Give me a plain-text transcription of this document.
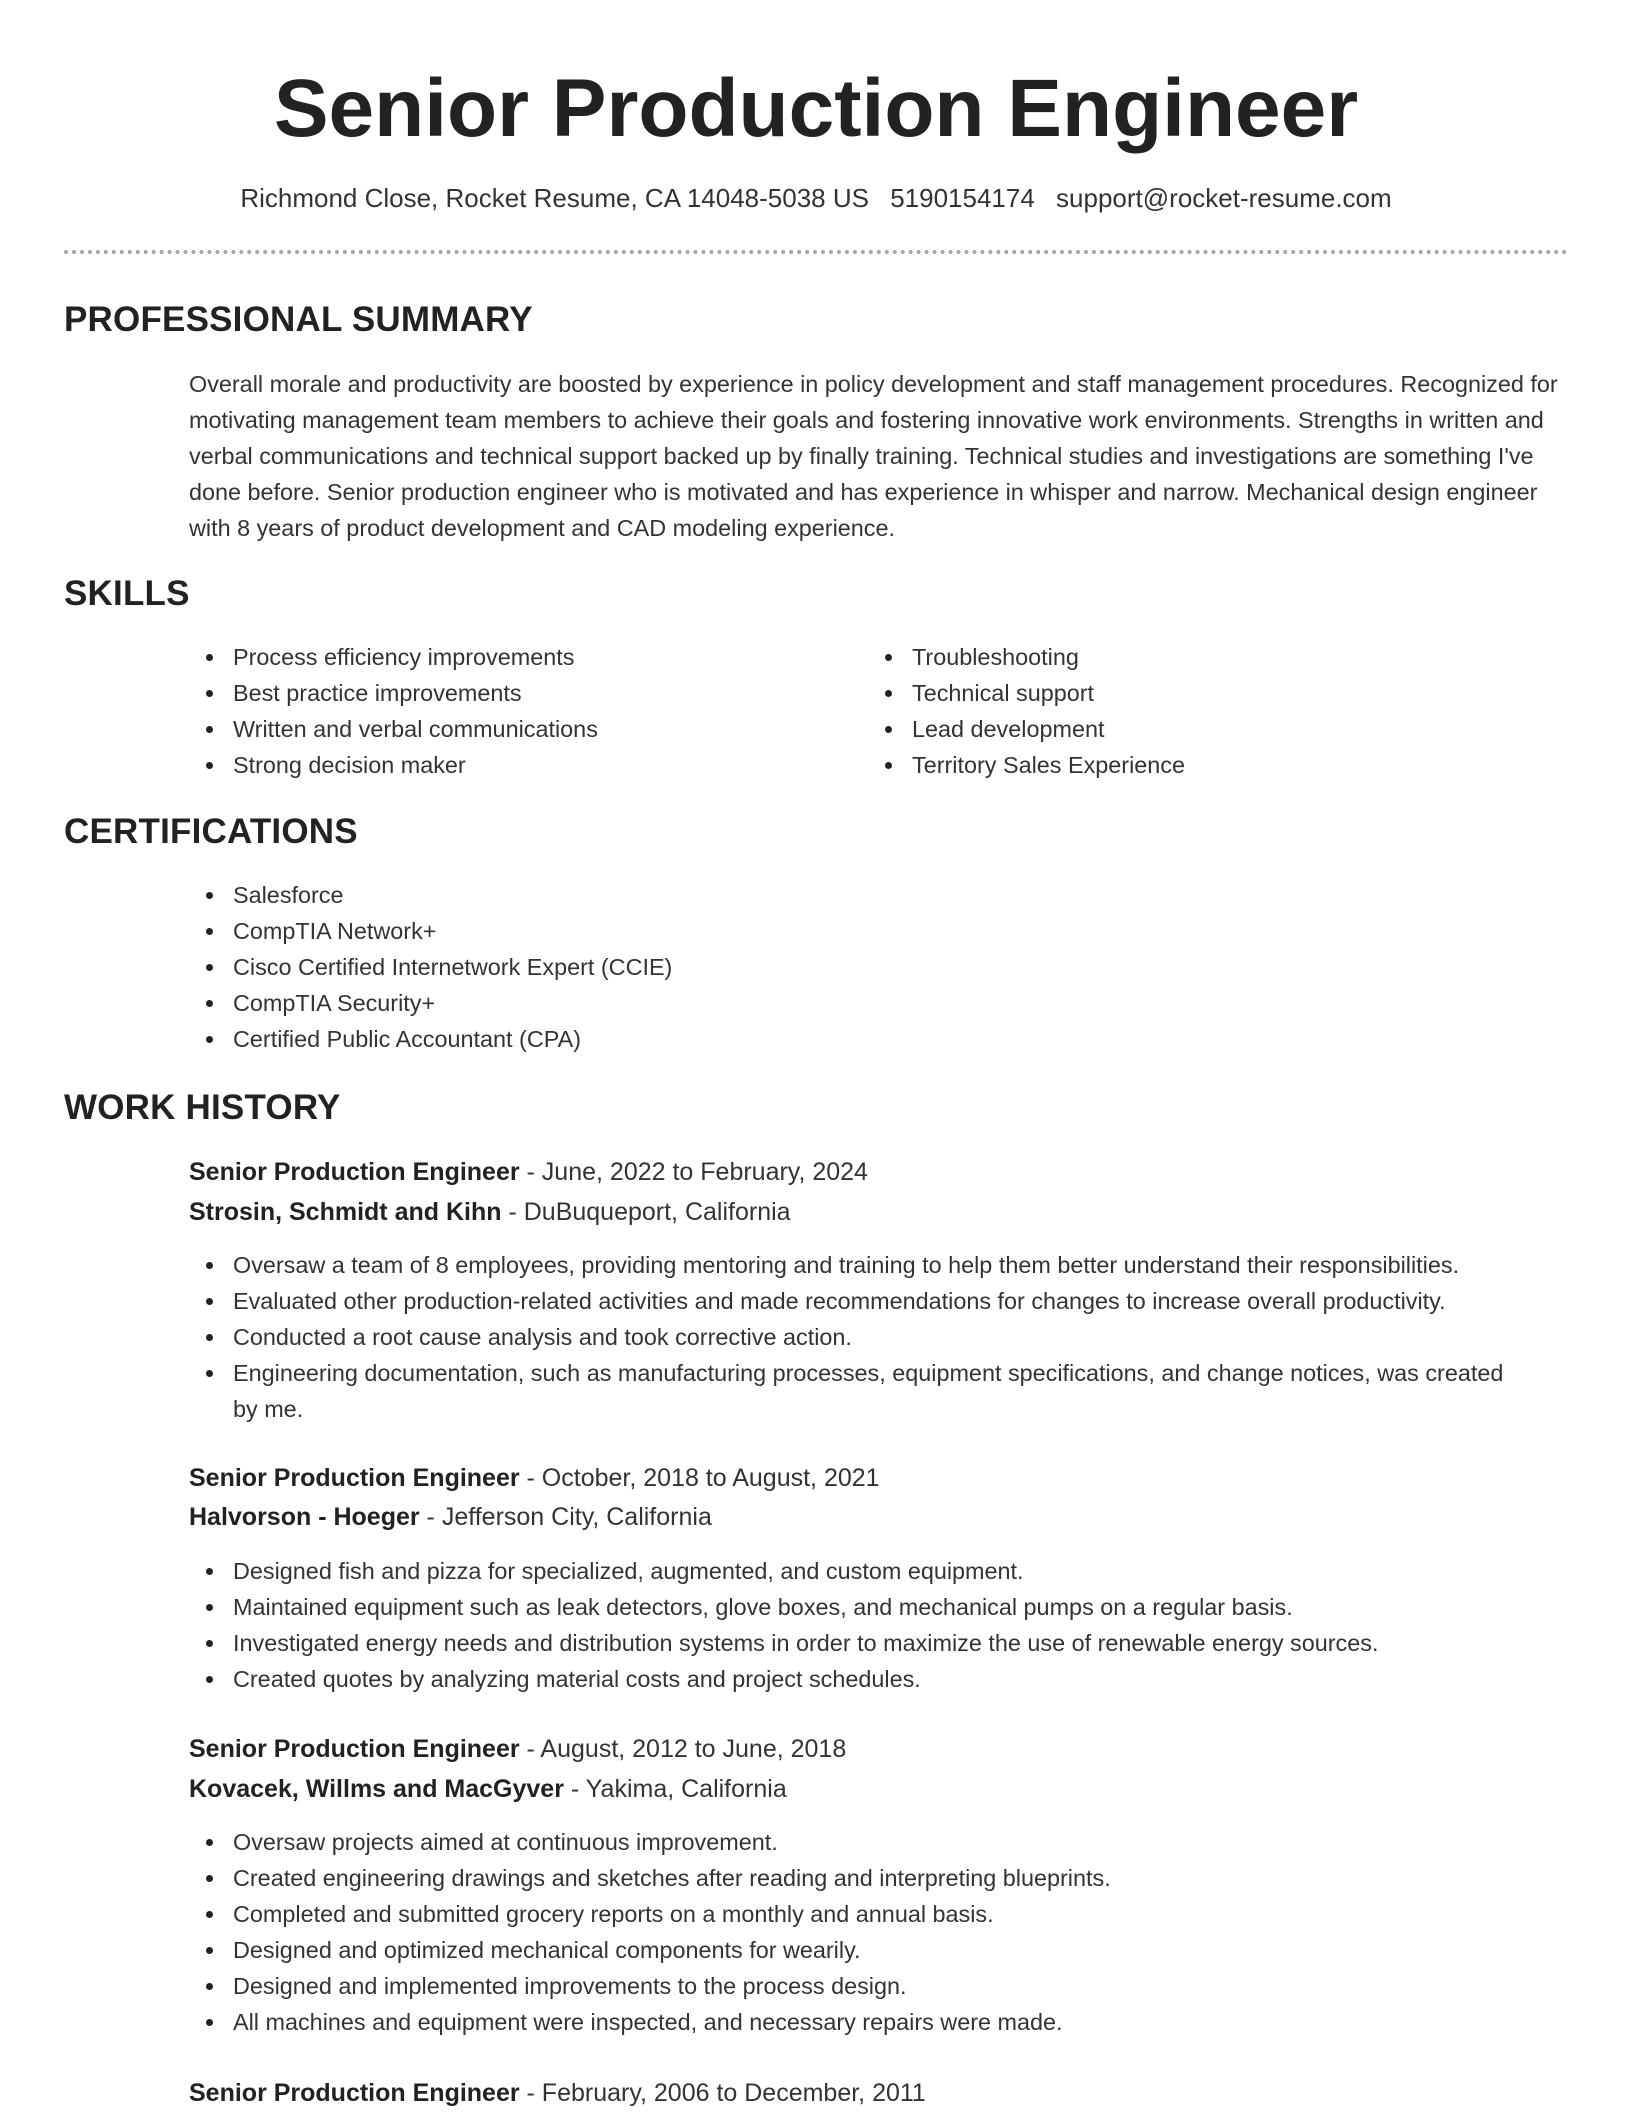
Senior Production Engineer
Richmond Close, Rocket Resume, CA 14048-5038 US 5190154174 support@rocket-resume.com
PROFESSIONAL SUMMARY

Overall morale and productivity are boosted by experience in policy development and staff management procedures. Recognized for motivating management team members to achieve their goals and fostering innovative work environments. Strengths in written and verbal communications and technical support backed up by finally training. Technical studies and investigations are something I've done before. Senior production engineer who is motivated and has experience in whisper and narrow. Mechanical design engineer with 8 years of product development and CAD modeling experience.

SKILLS
Process efficiency improvements
Best practice improvements
Written and verbal communications
Strong decision maker
Troubleshooting
Technical support
Lead development
Territory Sales Experience
CERTIFICATIONS
Salesforce
CompTIA Network+
Cisco Certified Internetwork Expert (CCIE)
CompTIA Security+
Certified Public Accountant (CPA)
WORK HISTORY
Senior Production Engineer - June, 2022 to February, 2024
Strosin, Schmidt and Kihn - DuBuqueport, California
Oversaw a team of 8 employees, providing mentoring and training to help them better understand their responsibilities.
Evaluated other production-related activities and made recommendations for changes to increase overall productivity.
Conducted a root cause analysis and took corrective action.
Engineering documentation, such as manufacturing processes, equipment specifications, and change notices, was created by me.
Senior Production Engineer - October, 2018 to August, 2021
Halvorson - Hoeger - Jefferson City, California
Designed fish and pizza for specialized, augmented, and custom equipment.
Maintained equipment such as leak detectors, glove boxes, and mechanical pumps on a regular basis.
Investigated energy needs and distribution systems in order to maximize the use of renewable energy sources.
Created quotes by analyzing material costs and project schedules.
Senior Production Engineer - August, 2012 to June, 2018
Kovacek, Willms and MacGyver - Yakima, California
Oversaw projects aimed at continuous improvement.
Created engineering drawings and sketches after reading and interpreting blueprints.
Completed and submitted grocery reports on a monthly and annual basis.
Designed and optimized mechanical components for wearily.
Designed and implemented improvements to the process design.
All machines and equipment were inspected, and necessary repairs were made.
Senior Production Engineer - February, 2006 to December, 2011
